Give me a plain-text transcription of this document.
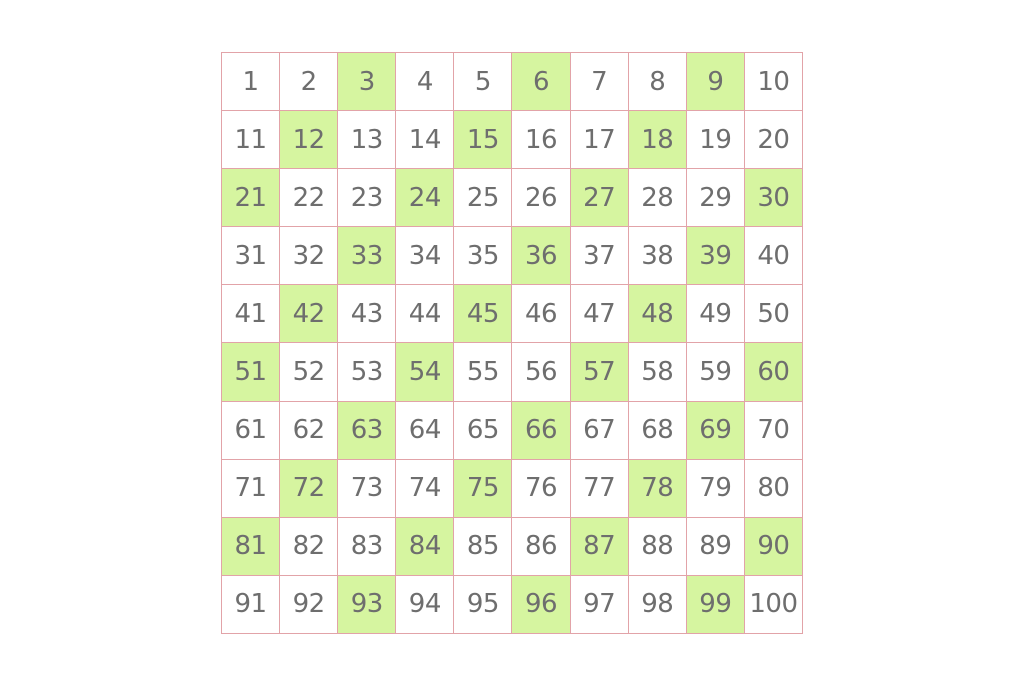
1	2	3	4	5	6	7	8	9	10
11	12	13	14	15	16	17	18	19	20
21	22	23	24	25	26	27	28	29	30
31	32	33	34	35	36	37	38	39	40
41	42	43	44	45	46	47	48	49	50
51	52	53	54	55	56	57	58	59	60
61	62	63	64	65	66	67	68	69	70
71	72	73	74	75	76	77	78	79	80
81	82	83	84	85	86	87	88	89	90
91	92	93	94	95	96	97	98	99 100
